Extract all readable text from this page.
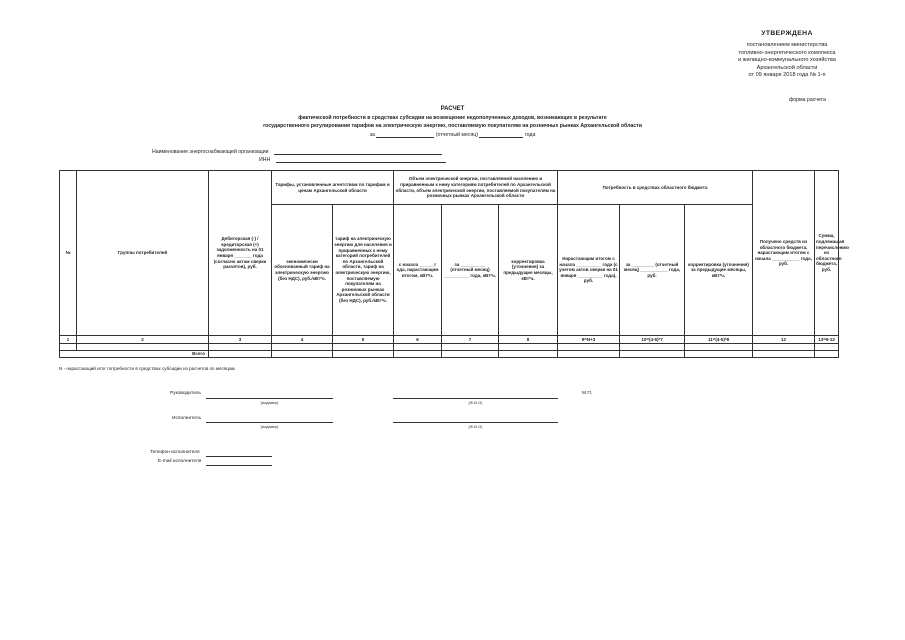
УТВЕРЖДЕНА
постановлением министерства
топливно-энергетического комплекса
и жилищно-коммунального хозяйства
Архангельской области
от 09 января 2018 года № 1-п
форма расчета
РАСЧЕТ
фактической потребности в средствах субсидии на возмещение недополученных доходов, возникающих в результате
государственного регулирования тарифов на электрическую энергию, поставляемую покупателям на розничных рынках Архангельской области
за	(отчетный месяц)	года
Наименование энергоснабжающей организации
ИНН
№	Группы потребителей	Дебиторская (-) / кредиторская (+) задолженность на 01 января _______ года (согласно актам сверки расчетов), руб.	Тарифы, установленные агентством по тарифам и ценам Архангельской области		Объем электрической энергии, поставляемой населению и приравненным к нему категориям потребителей по Архангельской области, объем электрической энергии, поставляемой покупателям на розничных рынках Архангельской области			Потребность в средствах областного бюджета			Получено средств из областного бюджета, нарастающим итогом с начала ___________ года, руб.	Сумма, подлежащая перечислению из областного бюджета, руб.
			экономически обоснованный тариф на электрическую энергию (без НДС), руб./кВт*ч.	тариф на электрическую энергию для населения и приравненных к нему категорий потребителей по Архангельской области, тариф на электрическую энергию, поставляемую покупателям на розничных рынках Архангельской области (без НДС), руб./кВт*ч.	с начала ______г ода, нарастающим итогом, кВт*ч.	за __________ (отчетный месяц) __________ года, кВт*ч.	корректировка (уточнения) за предыдущие месяцы, кВт*ч.	Нарастающим итогом с начала __________ года (с учетом актов сверки на 01 января __________ года), руб.	за _________ (отчетный месяц) ___________ года, руб.	корректировка (уточнения) за предыдущие месяцы, кВт*ч.		
1	2	3	4	5	6	7	8	9=N+3	10=(4-5)*7	11=(4-5)*8	12	13=9-12

Всего												
N - нарастающий итог потребности в средствах субсидии из расчетов по месяцам
Руководитель
(подпись)	(Ф.И.О)
М.П.
Исполнитель
(подпись)	(Ф.И.О)
Телефон исполнителя
E-mail исполнителя
